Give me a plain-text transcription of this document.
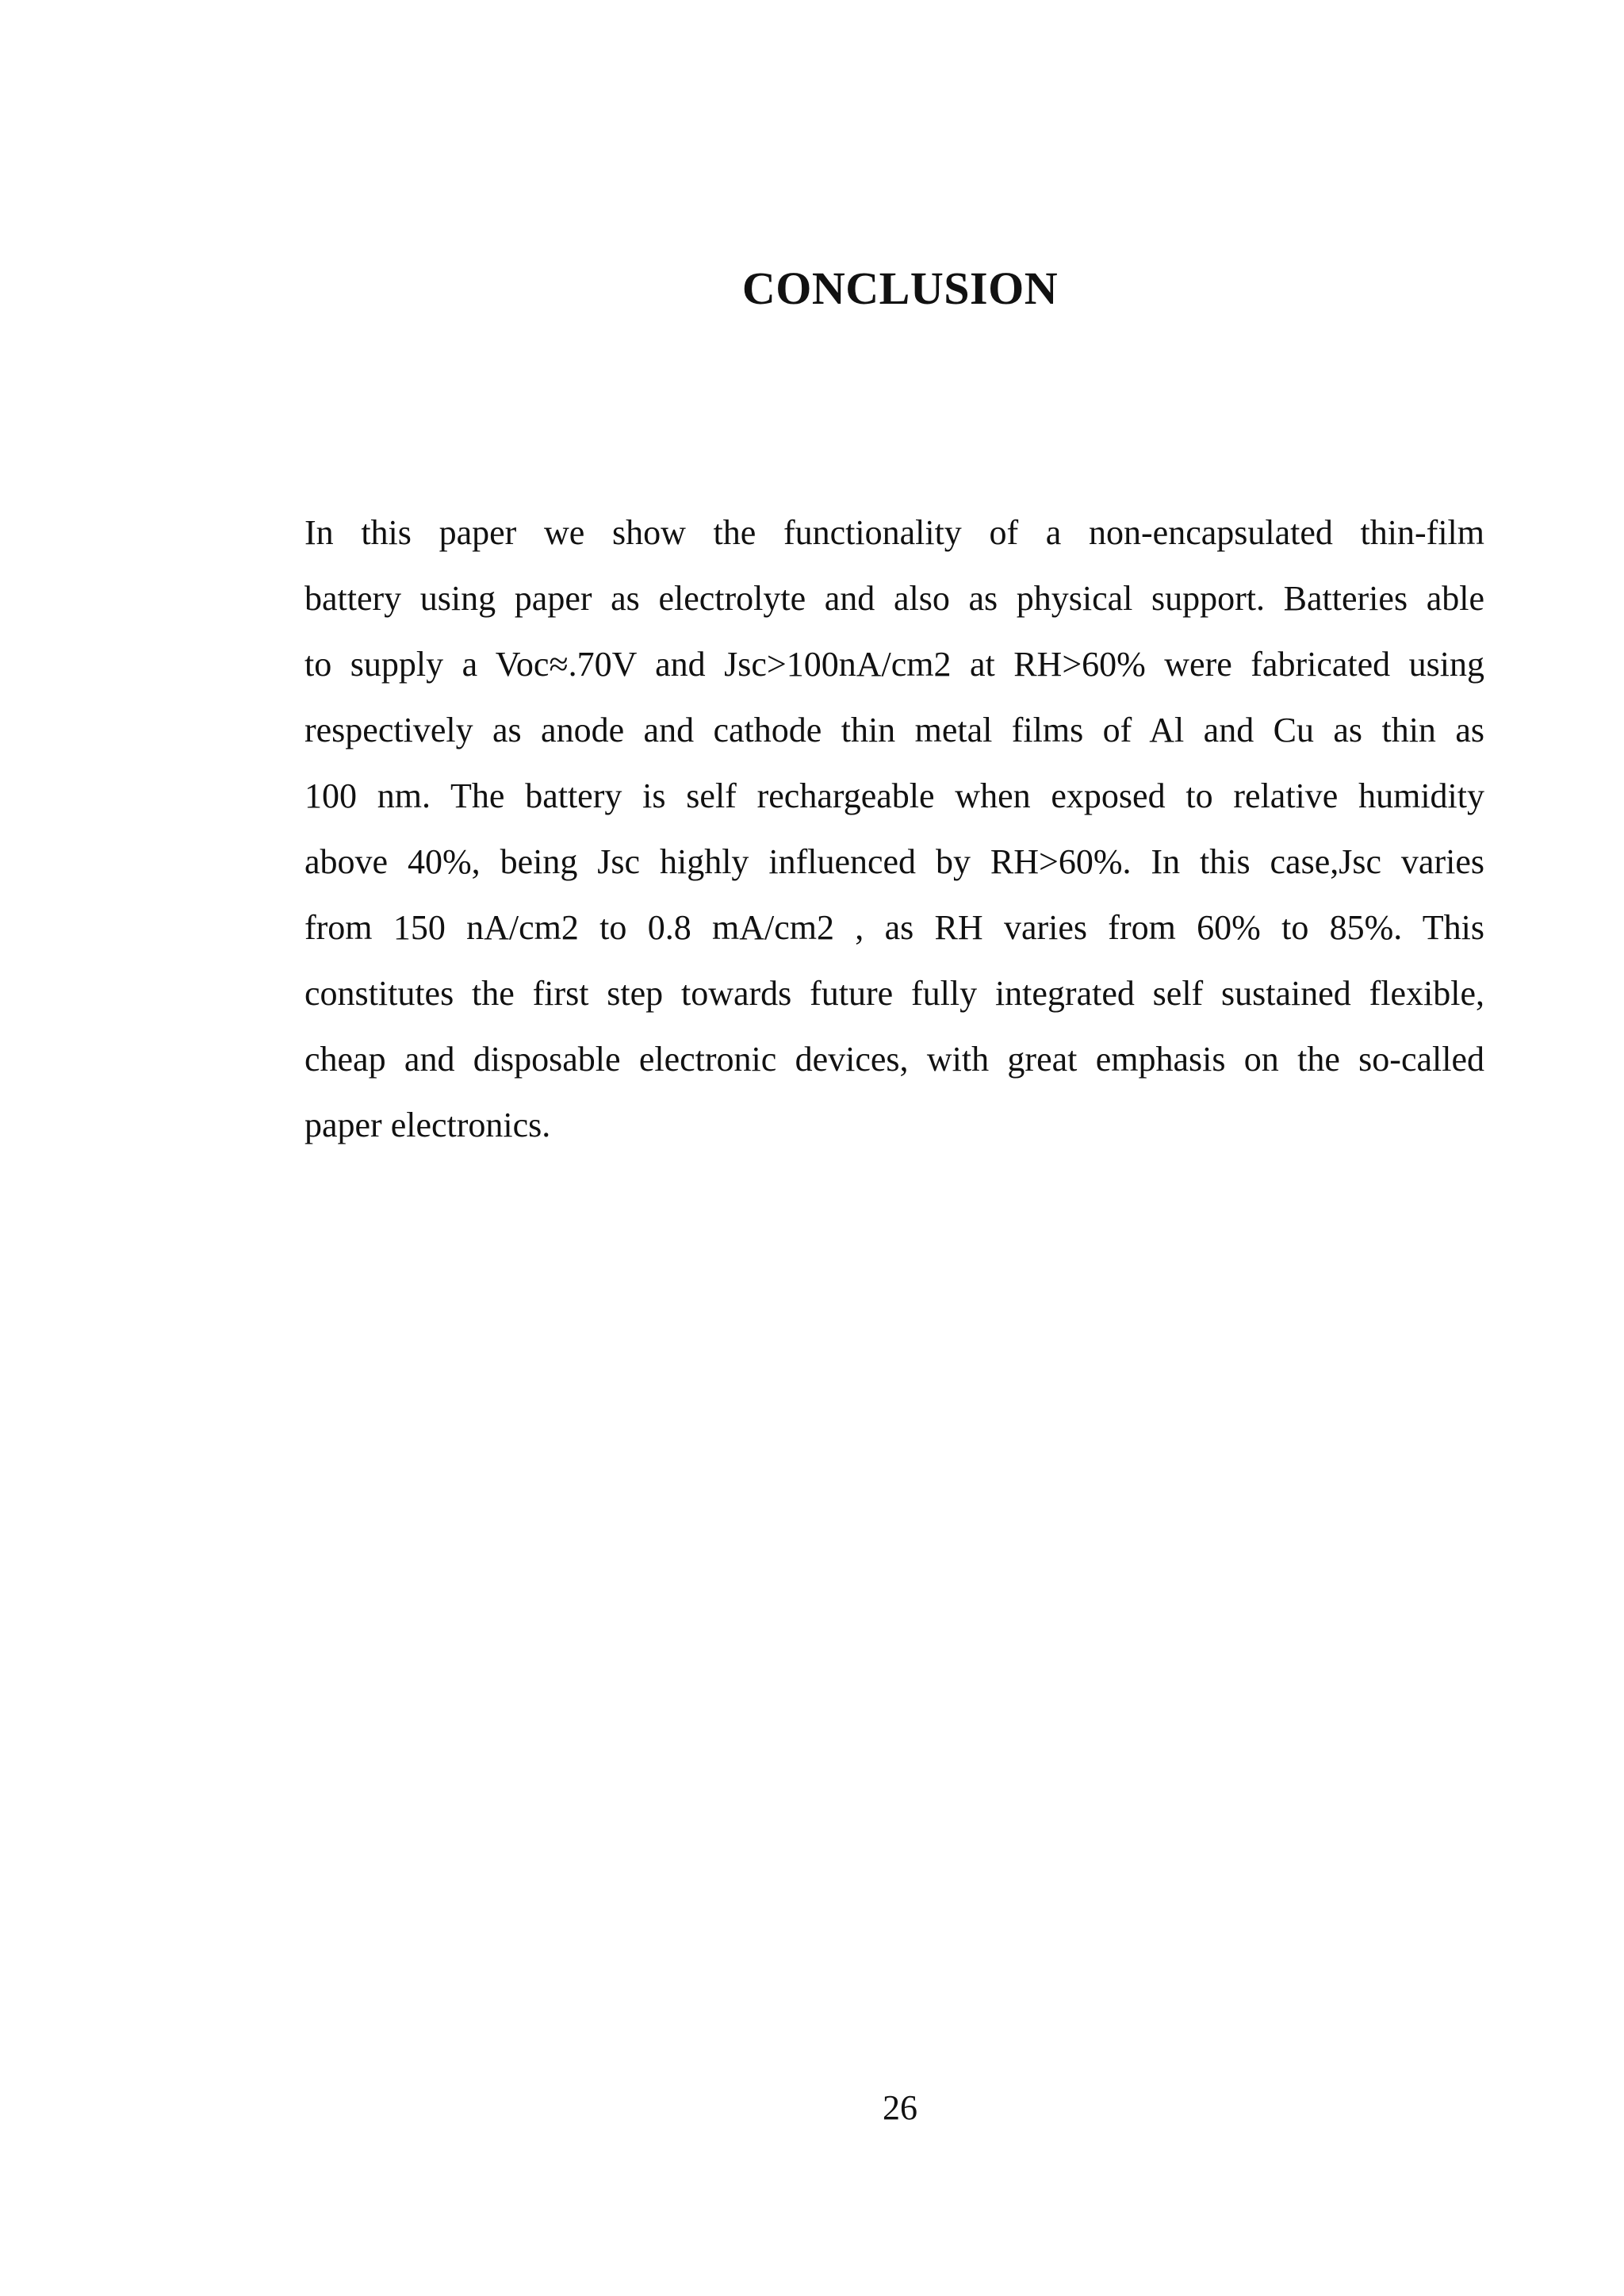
CONCLUSION
In this paper we show the functionality of a non-encapsulated thin-film
battery using paper as electrolyte and also as physical support. Batteries able
to supply a Voc≈.70V and Jsc>100nA/cm2 at RH>60% were fabricated using
respectively as anode and cathode thin metal films of Al and Cu as thin as
100 nm. The battery is self rechargeable when exposed to relative humidity
above 40%, being Jsc highly influenced by RH>60%. In this case,Jsc varies
from 150 nA/cm2 to 0.8 mA/cm2 , as RH varies from 60% to 85%. This
constitutes the first step towards future fully integrated self sustained flexible,
cheap and disposable electronic devices, with great emphasis on the so-called
paper electronics.

26
